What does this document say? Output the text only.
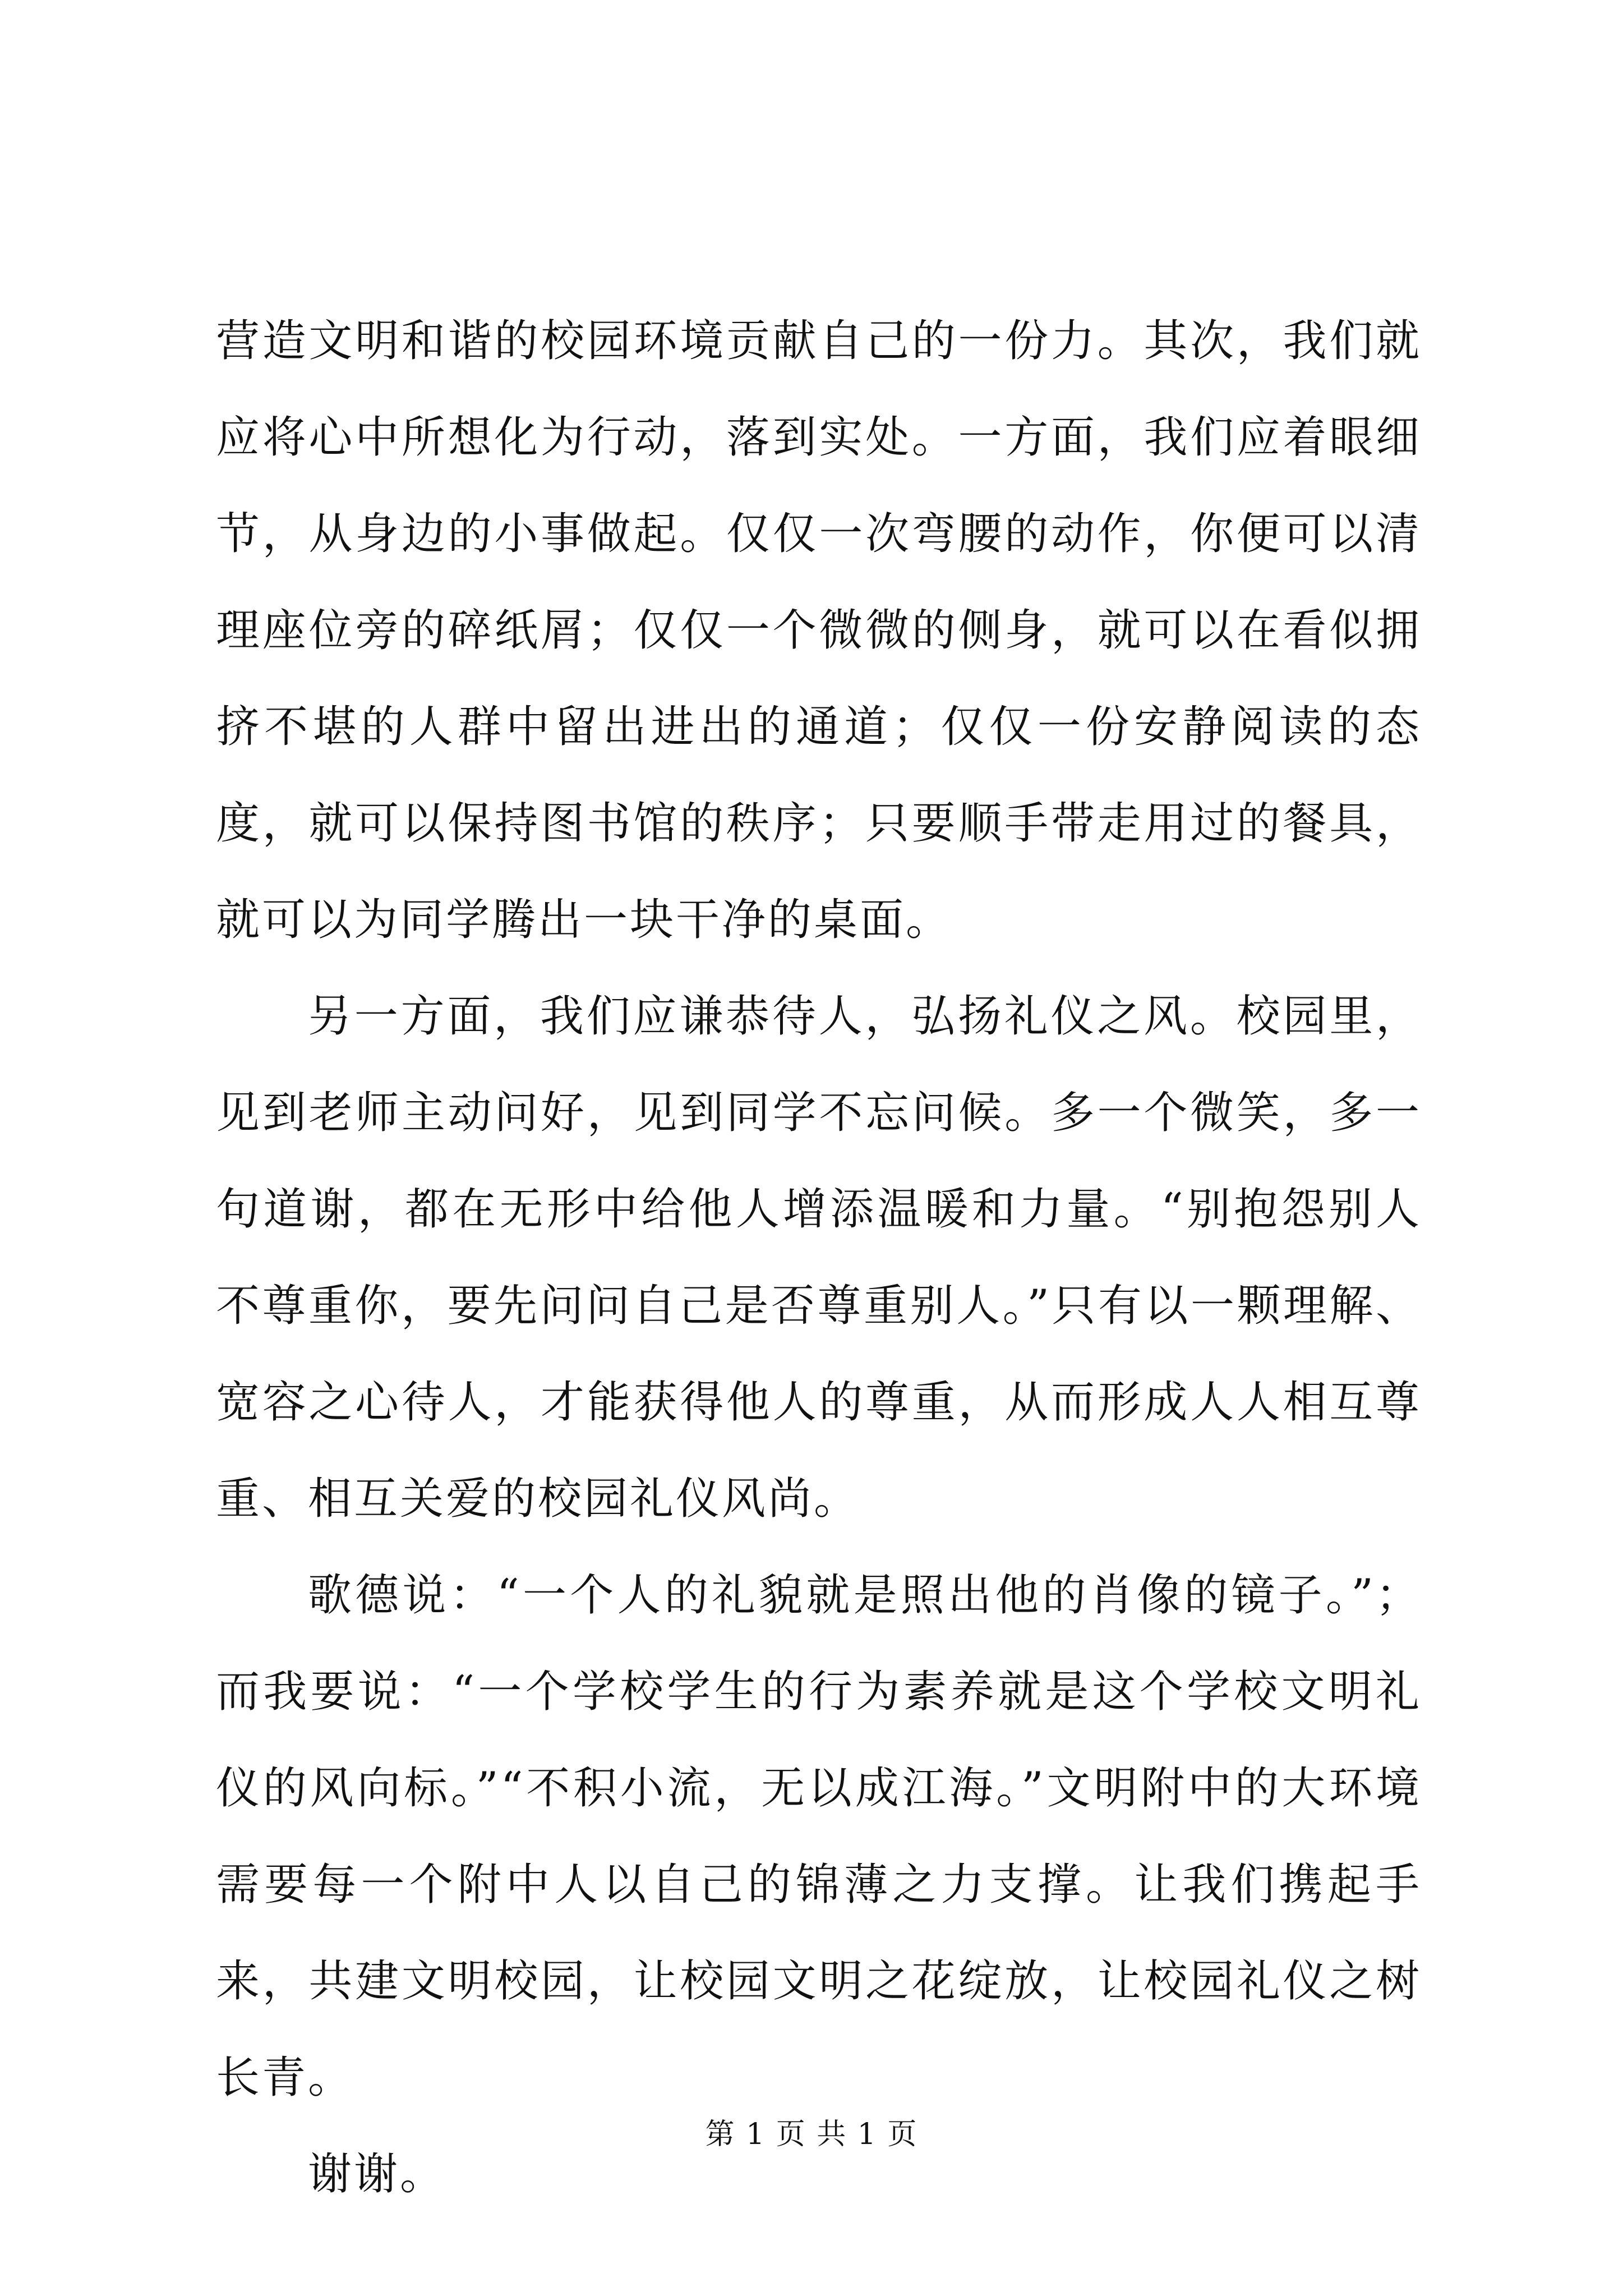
营造文明和谐的校园环境贡献自己的一份力。其次，我们就应将心中所想化为行动，落到实处。一方面，我们应着眼细节，从身边的小事做起。仅仅一次弯腰的动作，你便可以清理座位旁的碎纸屑；仅仅一个微微的侧身，就可以在看似拥挤不堪的人群中留出进出的通道；仅仅一份安静阅读的态度，就可以保持图书馆的秩序；只要顺手带走用过的餐具，就可以为同学腾出一块干净的桌面。

另一方面，我们应谦恭待人，弘扬礼仪之风。校园里，见到老师主动问好，见到同学不忘问候。多一个微笑，多一句道谢，都在无形中给他人增添温暖和力量。“别抱怨别人不尊重你，要先问问自己是否尊重别人。”只有以一颗理解、宽容之心待人，才能获得他人的尊重，从而形成人人相互尊重、相互关爱的校园礼仪风尚。

歌德说：“一个人的礼貌就是照出他的肖像的镜子。”；而我要说：“一个学校学生的行为素养就是这个学校文明礼仪的风向标。”“不积小流，无以成江海。”文明附中的大环境需要每一个附中人以自己的锦薄之力支撑。让我们携起手来，共建文明校园，让校园文明之花绽放，让校园礼仪之树长青。

谢谢。

第 1 页 共 1 页
